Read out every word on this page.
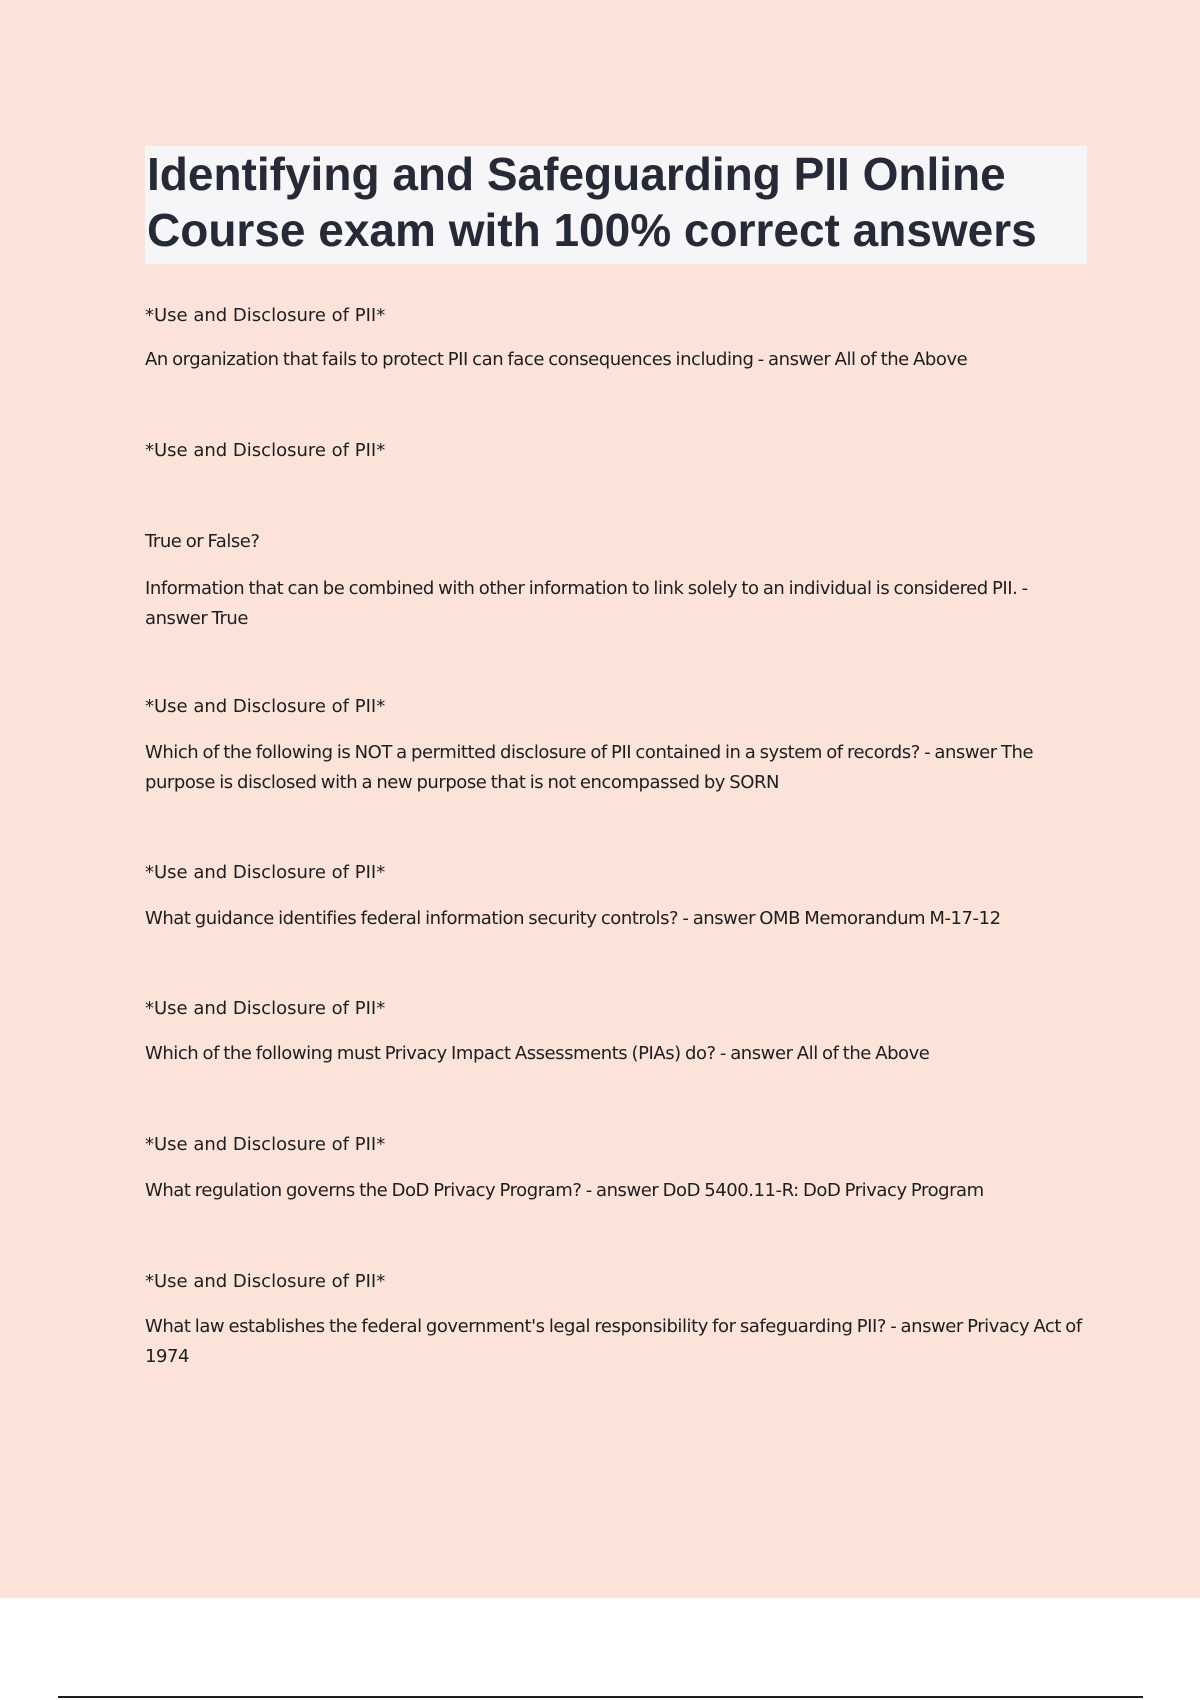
Identifying and Safeguarding PII Online Course exam with 100% correct answers

*Use and Disclosure of PII*

An organization that fails to protect PII can face consequences including - answer All of the Above

*Use and Disclosure of PII*

True or False?

Information that can be combined with other information to link solely to an individual is considered PII. - answer True

*Use and Disclosure of PII*

Which of the following is NOT a permitted disclosure of PII contained in a system of records? - answer The purpose is disclosed with a new purpose that is not encompassed by SORN

*Use and Disclosure of PII*

What guidance identifies federal information security controls? - answer OMB Memorandum M-17-12

*Use and Disclosure of PII*

Which of the following must Privacy Impact Assessments (PIAs) do? - answer All of the Above

*Use and Disclosure of PII*

What regulation governs the DoD Privacy Program? - answer DoD 5400.11-R: DoD Privacy Program

*Use and Disclosure of PII*

What law establishes the federal government's legal responsibility for safeguarding PII? - answer Privacy Act of 1974
